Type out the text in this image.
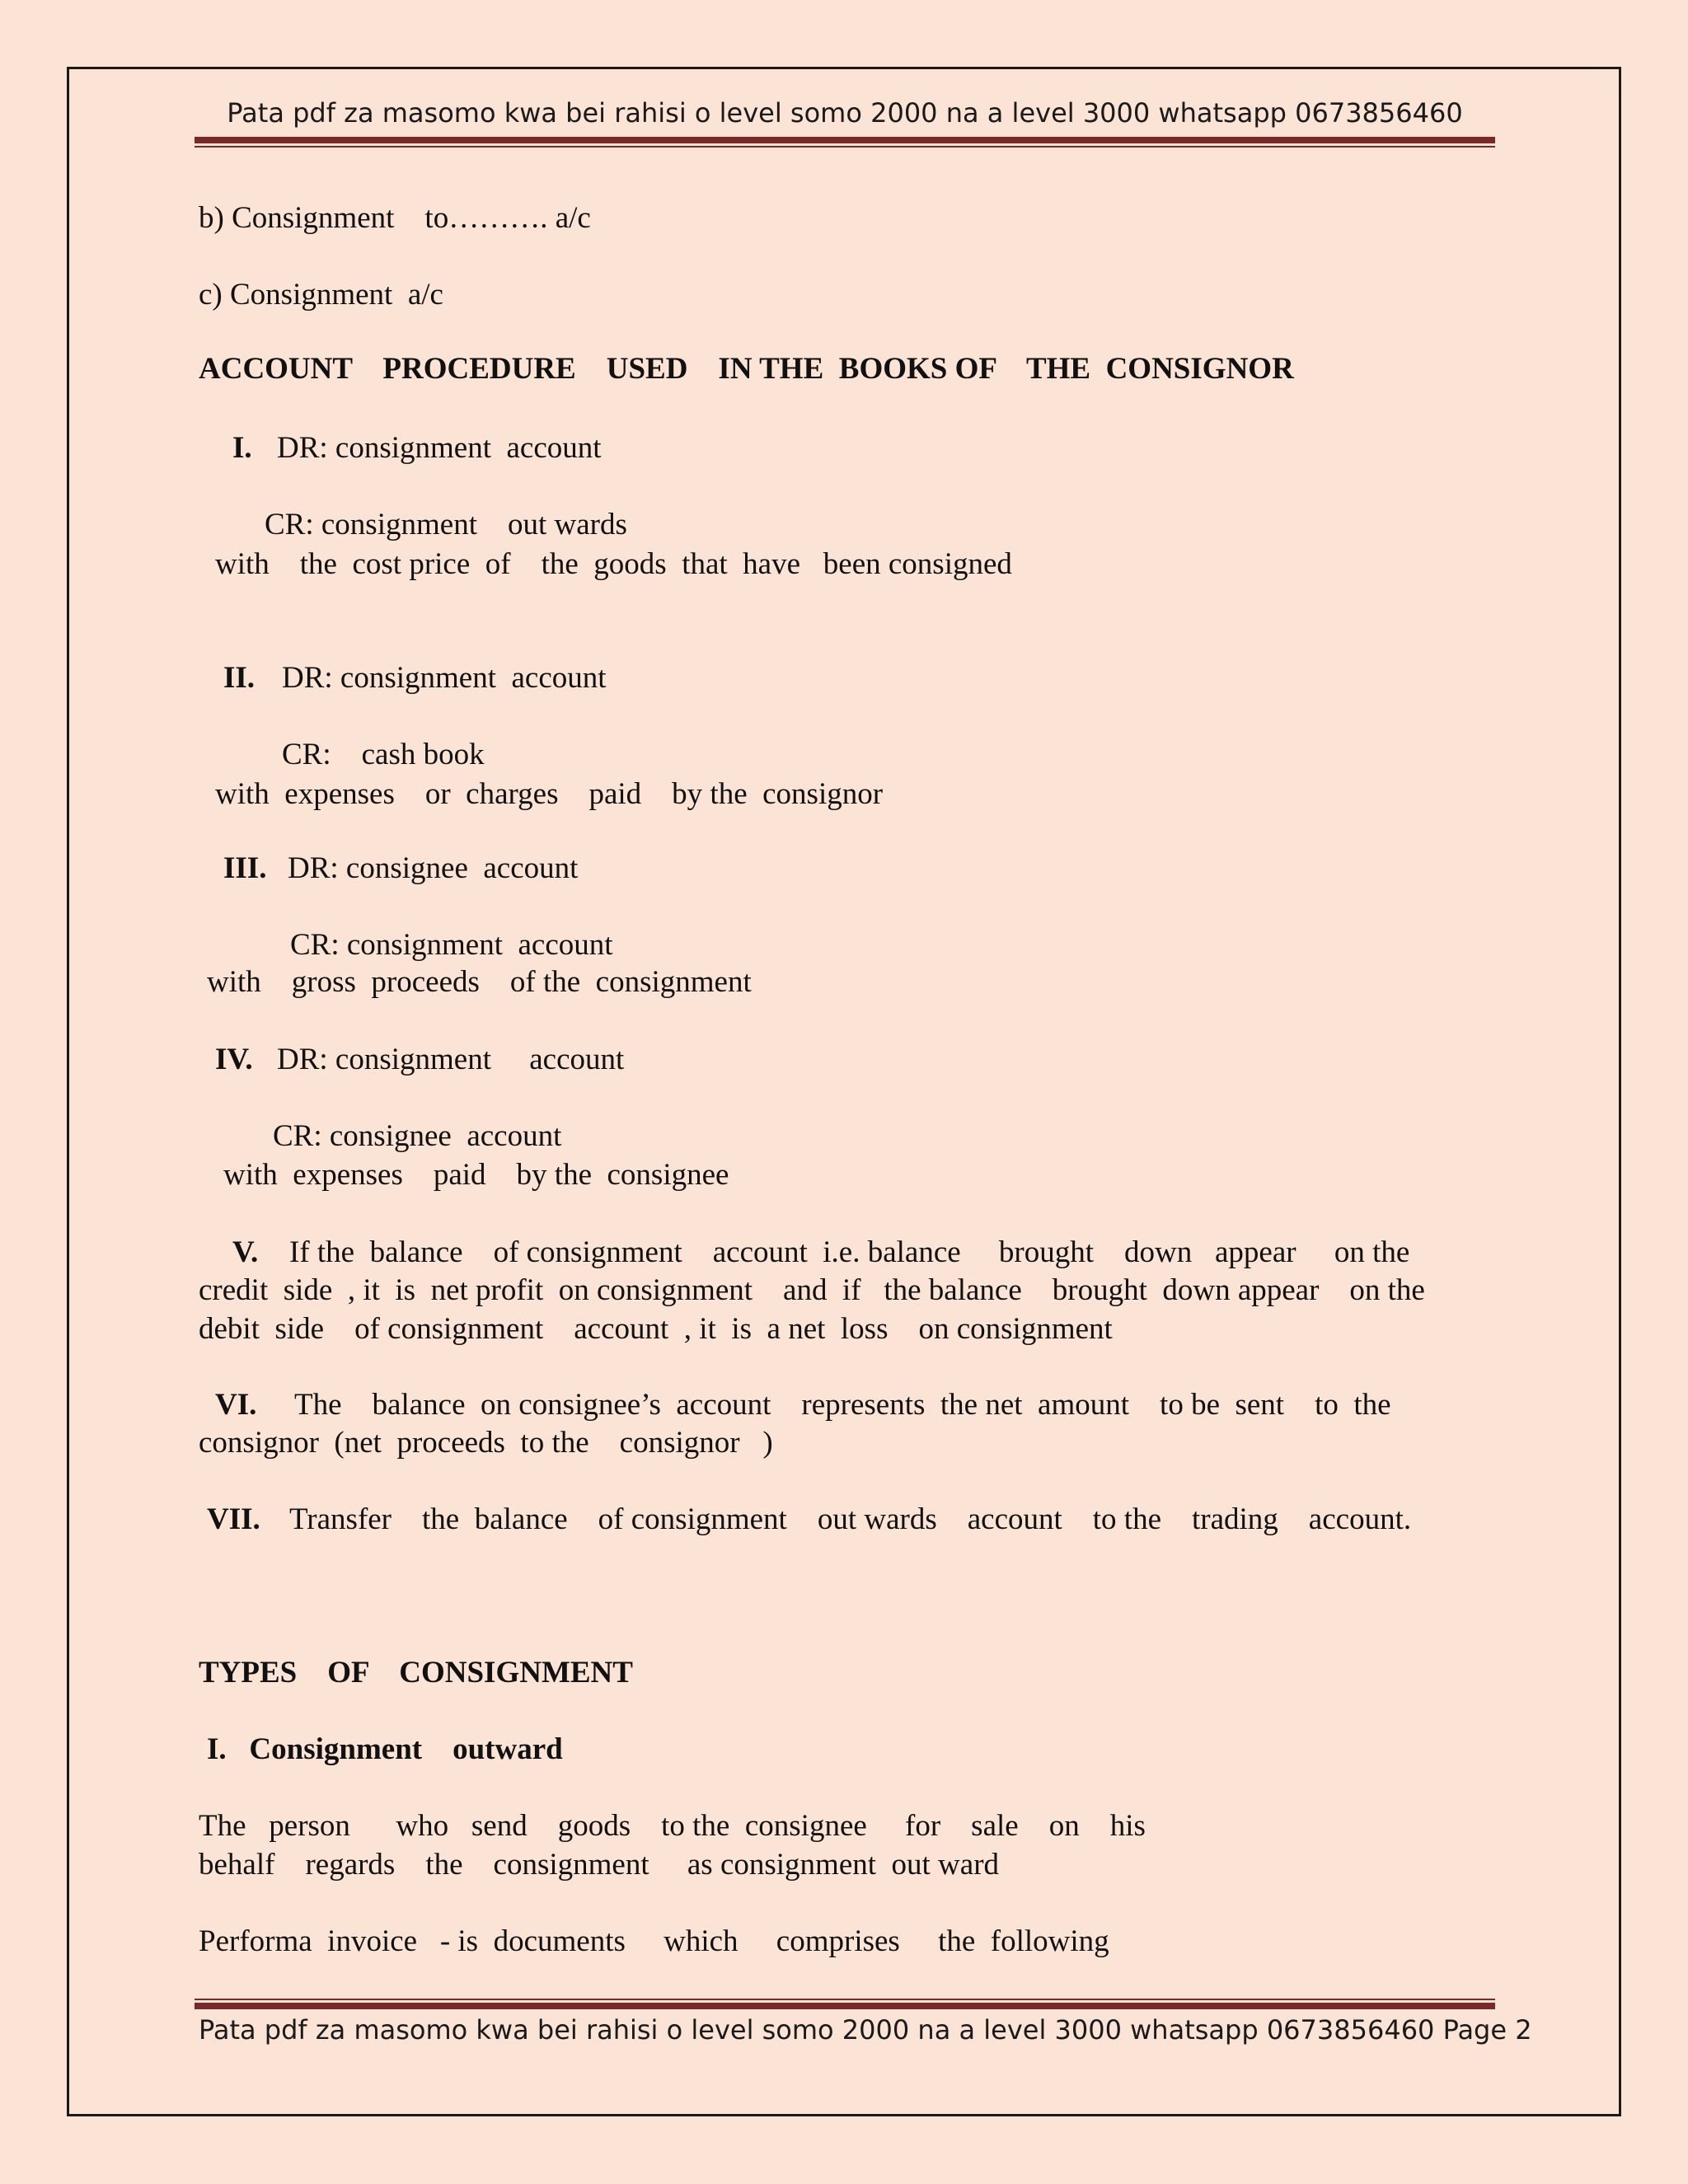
Pata pdf za masomo kwa bei rahisi o level somo 2000 na a level 3000 whatsapp 0673856460
b) Consignment    to………. a/c
c) Consignment  a/c
ACCOUNT    PROCEDURE    USED    IN THE  BOOKS OF    THE  CONSIGNOR
I. DR: consignment  account
CR: consignment    out wards
with    the  cost price  of    the  goods  that  have   been consigned
II. DR: consignment  account
CR:    cash book
with  expenses    or  charges    paid    by the  consignor
III. DR: consignee  account
CR: consignment  account
with    gross  proceeds    of the  consignment
IV. DR: consignment     account
CR: consignee  account
with  expenses    paid    by the  consignee
V. If the  balance    of consignment    account  i.e. balance     brought    down   appear     on the
credit  side  , it  is  net profit  on consignment    and  if   the balance    brought  down appear    on the
debit  side    of consignment    account  , it  is  a net  loss    on consignment
VI. The    balance  on consignee’s  account    represents  the net  amount    to be  sent    to  the
consignor  (net  proceeds  to the    consignor   )
VII. Transfer    the  balance    of consignment    out wards    account    to the    trading    account.
TYPES    OF    CONSIGNMENT
I.   Consignment    outward
The   person      who   send    goods    to the  consignee     for    sale    on    his
behalf    regards    the    consignment     as consignment  out ward
Performa  invoice   - is  documents     which     comprises     the  following
Pata pdf za masomo kwa bei rahisi o level somo 2000 na a level 3000 whatsapp 0673856460 Page 2
